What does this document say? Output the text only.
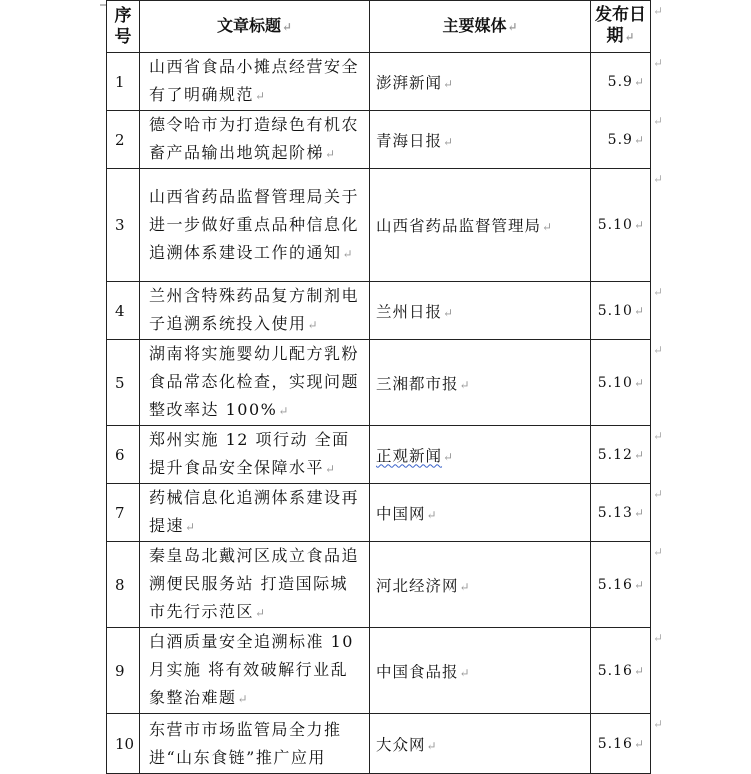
序号	文章标题↵	主要媒体↵	发布日期↵
1	山西省食品小摊点经营安全有了明确规范↵	澎湃新闻↵	5.9↵
2	德令哈市为打造绿色有机农畜产品输出地筑起阶梯↵	青海日报↵	5.9↵
3	山西省药品监督管理局关于进一步做好重点品种信息化追溯体系建设工作的通知↵	山西省药品监督管理局↵	5.10↵
4	兰州含特殊药品复方制剂电子追溯系统投入使用↵	兰州日报↵	5.10↵
5	湖南将实施婴幼儿配方乳粉食品常态化检查，实现问题整改率达 100%↵	三湘都市报↵	5.10↵
6	郑州实施 12 项行动 全面提升食品安全保障水平↵	正观新闻↵	5.12↵
7	药械信息化追溯体系建设再提速↵	中国网↵	5.13↵
8	秦皇岛北戴河区成立食品追溯便民服务站 打造国际城市先行示范区↵	河北经济网↵	5.16↵
9	白酒质量安全追溯标准 10 月实施 将有效破解行业乱象整治难题↵	中国食品报↵	5.16↵
10	东营市市场监管局全力推进“山东食链”推广应用	大众网↵	5.16↵
↵
↵
↵
↵
↵
↵
↵
↵
↵
↵
↵
